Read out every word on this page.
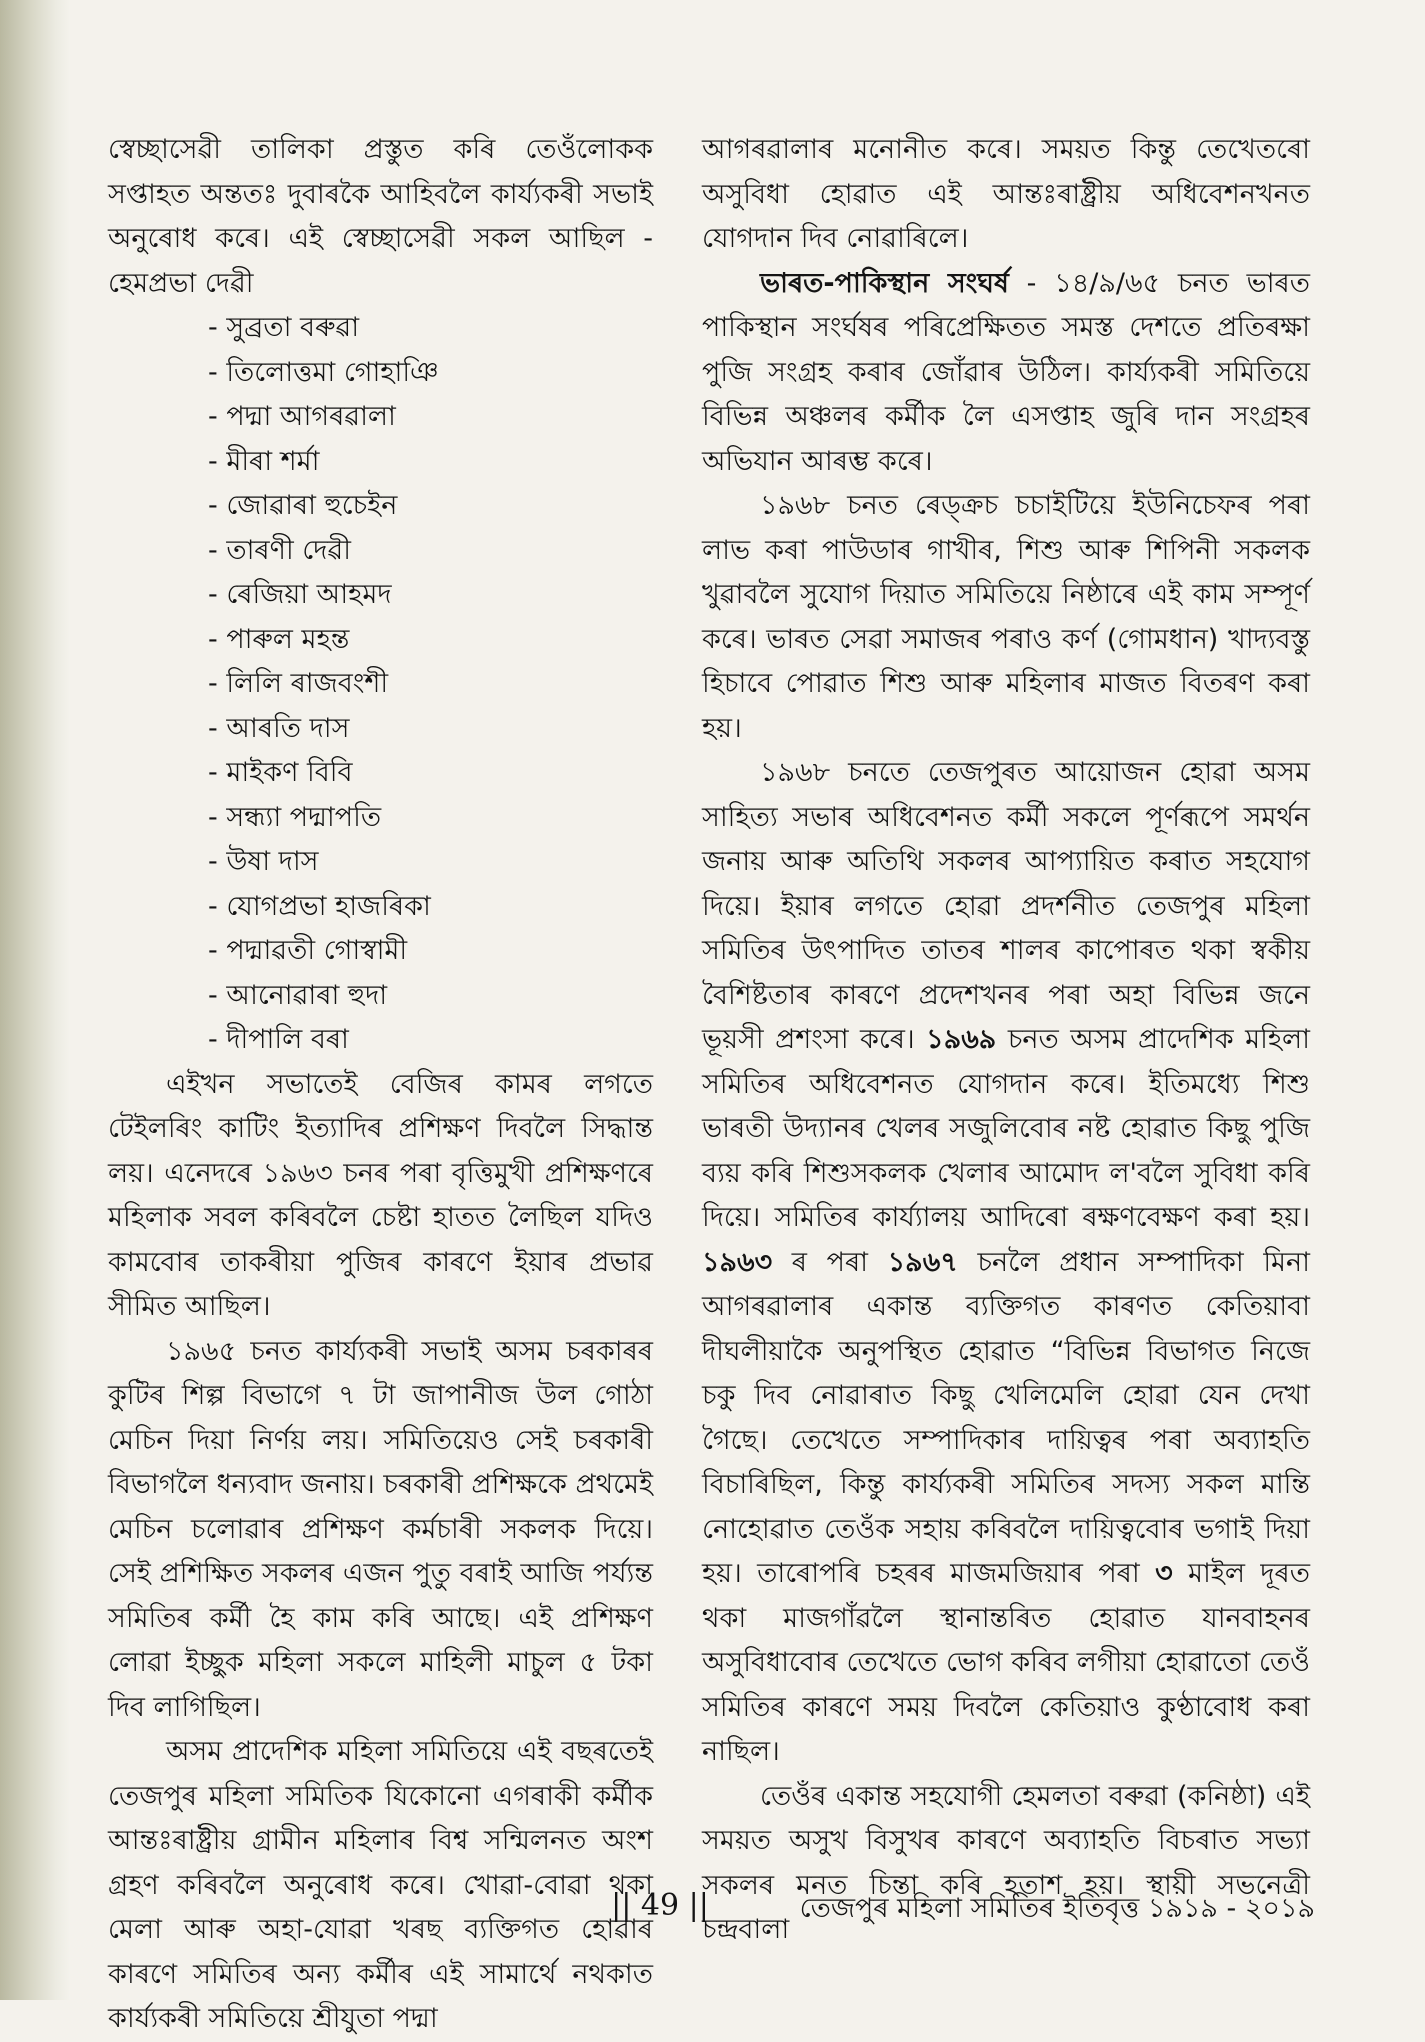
স্বেচ্ছাসেৱী তালিকা প্ৰস্তুত কৰি তেওঁলোকক সপ্তাহত অন্ততঃ দুবাৰকৈ আহিবলৈ কাৰ্য্যকৰী সভাই অনুৰোধ কৰে। এই স্বেচ্ছাসেৱী সকল আছিল - হেমপ্ৰভা দেৱী

- সুব্ৰতা বৰুৱা
- তিলোত্তমা গোহাঞি
- পদ্মা আগৰৱালা
- মীৰা শৰ্মা
- জোৱাৰা হুচেইন
- তাৰণী দেৱী
- ৰেজিয়া আহমদ
- পাৰুল মহন্ত
- লিলি ৰাজবংশী
- আৰতি দাস
- মাইকণ বিবি
- সন্ধ্যা পদ্মাপতি
- উষা দাস
- যোগপ্ৰভা হাজৰিকা
- পদ্মাৱতী গোস্বামী
- আনোৱাৰা হুদা
- দীপালি বৰা

এইখন সভাতেই বেজিৰ কামৰ লগতে টেইলৰিং কাটিং ইত্যাদিৰ প্ৰশিক্ষণ দিবলৈ সিদ্ধান্ত লয়। এনেদৰে ১৯৬৩ চনৰ পৰা বৃত্তিমুখী প্ৰশিক্ষণৰে মহিলাক সবল কৰিবলৈ চেষ্টা হাতত লৈছিল যদিও কামবোৰ তাকৰীয়া পুজিৰ কাৰণে ইয়াৰ প্ৰভাৱ সীমিত আছিল।

১৯৬৫ চনত কাৰ্য্যকৰী সভাই অসম চৰকাৰৰ কুটিৰ শিল্প বিভাগে ৭ টা জাপানীজ উল গোঠা মেচিন দিয়া নিৰ্ণয় লয়। সমিতিয়েও সেই চৰকাৰী বিভাগলৈ ধন্যবাদ জনায়। চৰকাৰী প্ৰশিক্ষকে প্ৰথমেই মেচিন চলোৱাৰ প্ৰশিক্ষণ কৰ্মচাৰী সকলক দিয়ে। সেই প্ৰশিক্ষিত সকলৰ এজন পুতু বৰাই আজি পৰ্য্যন্ত সমিতিৰ কৰ্মী হৈ কাম কৰি আছে। এই প্ৰশিক্ষণ লোৱা ইচ্ছুক মহিলা সকলে মাহিলী মাচুল ৫ টকা দিব লাগিছিল।

অসম প্ৰাদেশিক মহিলা সমিতিয়ে এই বছৰতেই তেজপুৰ মহিলা সমিতিক যিকোনো এগৰাকী কৰ্মীক আন্তঃৰাষ্ট্ৰীয় গ্ৰামীন মহিলাৰ বিশ্ব সন্মিলনত অংশ গ্ৰহণ কৰিবলৈ অনুৰোধ কৰে। খোৱা-বোৱা থকা মেলা আৰু অহা-যোৱা খৰছ ব্যক্তিগত হোৱাৰ কাৰণে সমিতিৰ অন্য কৰ্মীৰ এই সামাৰ্থে নথকাত কাৰ্য্যকৰী সমিতিয়ে শ্ৰীযুতা পদ্মা

আগৰৱালাৰ মনোনীত কৰে। সময়ত কিন্তু তেখেতৰো অসুবিধা হোৱাত এই আন্তঃৰাষ্ট্ৰীয় অধিবেশনখনত যোগদান দিব নোৱাৰিলে।

ভাৰত-পাকিস্থান সংঘৰ্ষ - ১৪/৯/৬৫ চনত ভাৰত পাকিস্থান সংৰ্ঘষৰ পৰিপ্ৰেক্ষিতত সমস্ত দেশতে প্ৰতিৰক্ষা পুজি সংগ্ৰহ কৰাৰ জোঁৱাৰ উঠিল। কাৰ্য্যকৰী সমিতিয়ে বিভিন্ন অঞ্চলৰ কৰ্মীক লৈ এসপ্তাহ জুৰি দান সংগ্ৰহৰ অভিযান আৰম্ভ কৰে।

১৯৬৮ চনত ৰেড্‌ক্ৰচ চচাইটিয়ে ইউনিচেফৰ পৰা লাভ কৰা পাউডাৰ গাখীৰ, শিশু আৰু শিপিনী সকলক খুৱাবলৈ সুযোগ দিয়াত সমিতিয়ে নিষ্ঠাৰে এই কাম সম্পূৰ্ণ কৰে। ভাৰত সেৱা সমাজৰ পৰাও কৰ্ণ (গোমধান) খাদ্যবস্তু হিচাবে পোৱাত শিশু আৰু মহিলাৰ মাজত বিতৰণ কৰা হয়।

১৯৬৮ চনতে তেজপুৰত আয়োজন হোৱা অসম সাহিত্য সভাৰ অধিবেশনত কৰ্মী সকলে পূৰ্ণৰূপে সমৰ্থন জনায় আৰু অতিথি সকলৰ আপ্যায়িত কৰাত সহযোগ দিয়ে। ইয়াৰ লগতে হোৱা প্ৰদৰ্শনীত তেজপুৰ মহিলা সমিতিৰ উৎপাদিত তাতৰ শালৰ কাপোৰত থকা স্বকীয় বৈশিষ্টতাৰ কাৰণে প্ৰদেশখনৰ পৰা অহা বিভিন্ন জনে ভূয়সী প্ৰশংসা কৰে। ১৯৬৯ চনত অসম প্ৰাদেশিক মহিলা সমিতিৰ অধিবেশনত যোগদান কৰে। ইতিমধ্যে শিশু ভাৰতী উদ্যানৰ খেলৰ সজুলিবোৰ নষ্ট হোৱাত কিছু পুজি ব্যয় কৰি শিশুসকলক খেলাৰ আমোদ ল'বলৈ সুবিধা কৰি দিয়ে। সমিতিৰ কাৰ্য্যালয় আদিৰো ৰক্ষণবেক্ষণ কৰা হয়। ১৯৬৩ ৰ পৰা ১৯৬৭ চনলৈ প্ৰধান সম্পাদিকা মিনা আগৰৱালাৰ একান্ত ব্যক্তিগত কাৰণত কেতিয়াবা দীঘলীয়াকৈ অনুপস্থিত হোৱাত “বিভিন্ন বিভাগত নিজে চকু দিব নোৱাৰাত কিছু খেলিমেলি হোৱা যেন দেখা গৈছে। তেখেতে সম্পাদিকাৰ দায়িত্বৰ পৰা অব্যাহতি বিচাৰিছিল, কিন্তু কাৰ্য্যকৰী সমিতিৰ সদস্য সকল মান্তি নোহোৱাত তেওঁক সহায় কৰিবলৈ দায়িত্ববোৰ ভগাই দিয়া হয়। তাৰোপৰি চহৰৰ মাজমজিয়াৰ পৰা ৩ মাইল দূৰত থকা মাজগাঁৱলৈ স্থানান্তৰিত হোৱাত যানবাহনৰ অসুবিধাবোৰ তেখেতে ভোগ কৰিব লগীয়া হোৱাতো তেওঁ সমিতিৰ কাৰণে সময় দিবলৈ কেতিয়াও কুণ্ঠাবোধ কৰা নাছিল।

তেওঁৰ একান্ত সহযোগী হেমলতা বৰুৱা (কনিষ্ঠা) এই সময়ত অসুখ বিসুখৰ কাৰণে অব্যাহতি বিচৰাত সভ্যা সকলৰ মনত চিন্তা কৰি হতাশ হয়। স্থায়ী সভনেত্ৰী চন্দ্ৰবালা

|| 49 ||	তেজপুৰ মহিলা সমিতিৰ ইতিবৃত্ত ১৯১৯ - ২০১৯
